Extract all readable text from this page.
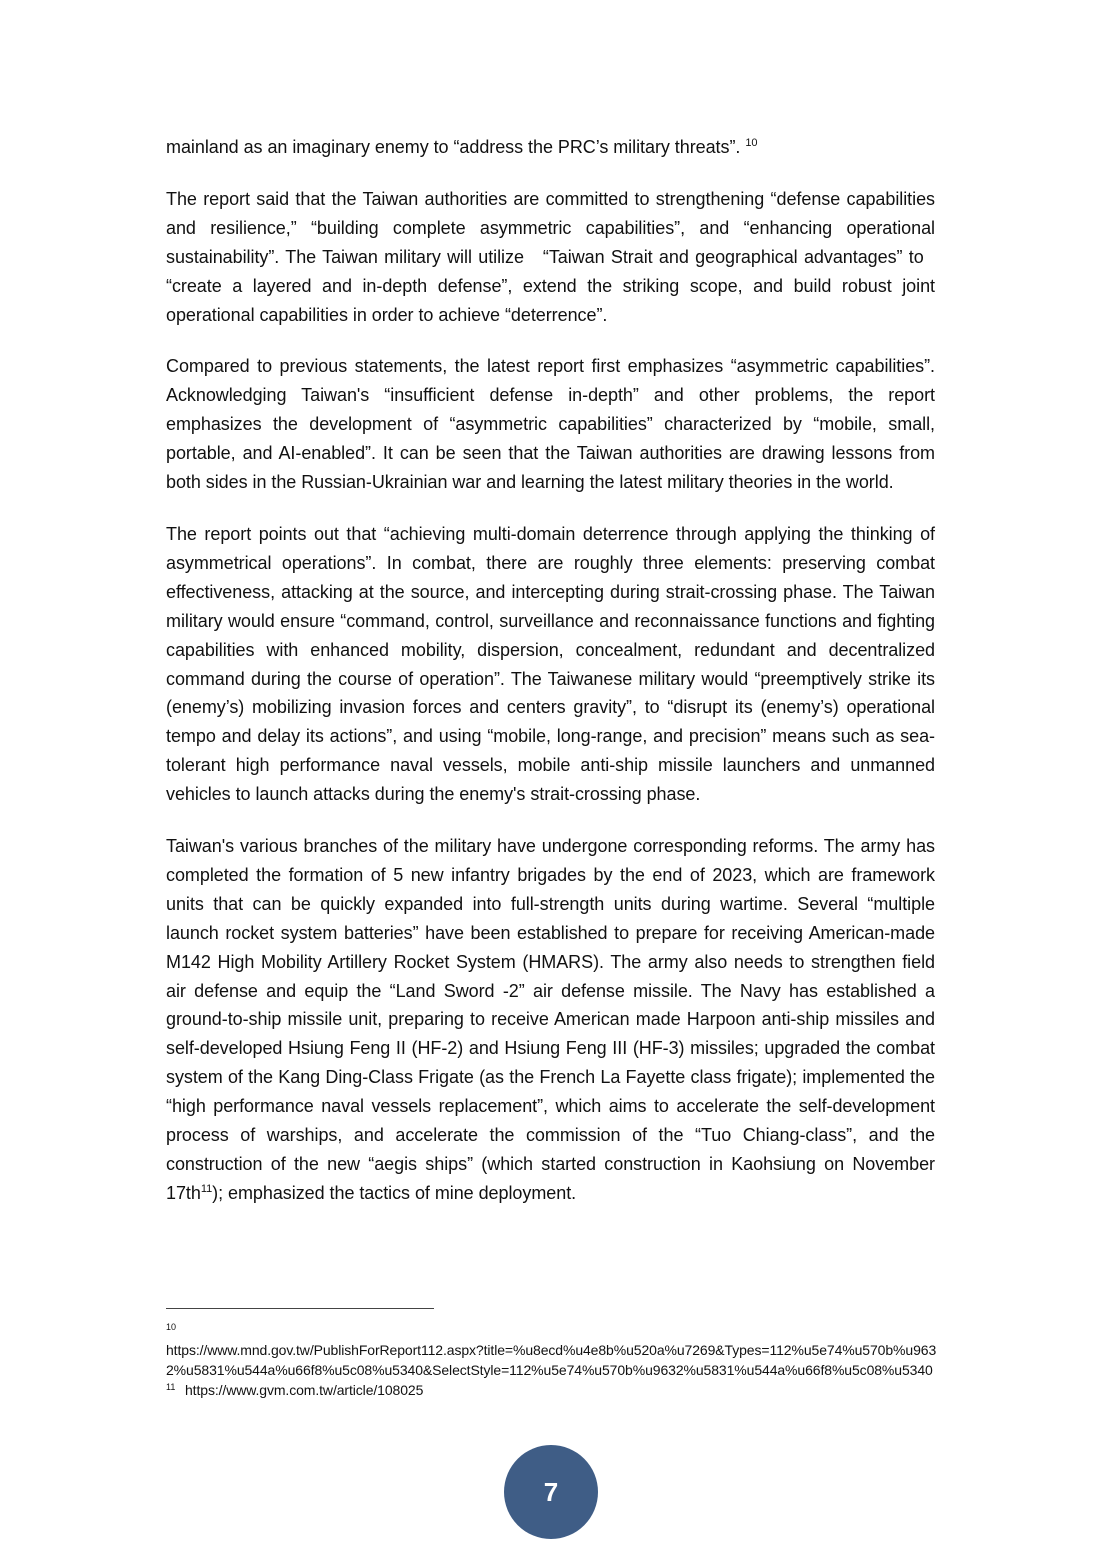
mainland as an imaginary enemy to “address the PRC’s military threats”. $^{10}$

The report said that the Taiwan authorities are committed to strengthening “defense capabilities and resilience,” “building complete asymmetric capabilities”, and “enhancing operational sustainability”. The Taiwan military will utilize   “Taiwan Strait and geographical advantages” to   “create a layered and in-depth defense”, extend the striking scope, and build robust joint operational capabilities in order to achieve “deterrence”.

Compared to previous statements, the latest report first emphasizes “asymmetric capabilities”. Acknowledging Taiwan's “insufficient defense in-depth” and other problems, the report emphasizes the development of “asymmetric capabilities” characterized by “mobile, small, portable, and AI-enabled”. It can be seen that the Taiwan authorities are drawing lessons from both sides in the Russian-Ukrainian war and learning the latest military theories in the world.

The report points out that “achieving multi-domain deterrence through applying the thinking of asymmetrical operations”. In combat, there are roughly three elements: preserving combat effectiveness, attacking at the source, and intercepting during strait-crossing phase. The Taiwan military would ensure “command, control, surveillance and reconnaissance functions and fighting capabilities with enhanced mobility, dispersion, concealment, redundant and decentralized command during the course of operation”. The Taiwanese military would “preemptively strike its (enemy’s) mobilizing invasion forces and centers gravity”, to “disrupt its (enemy’s) operational tempo and delay its actions”, and using “mobile, long-range, and precision” means such as sea-tolerant high performance naval vessels, mobile anti-ship missile launchers and unmanned vehicles to launch attacks during the enemy's strait-crossing phase.

Taiwan's various branches of the military have undergone corresponding reforms. The army has completed the formation of 5 new infantry brigades by the end of 2023, which are framework units that can be quickly expanded into full-strength units during wartime. Several “multiple launch rocket system batteries” have been established to prepare for receiving American-made M142 High Mobility Artillery Rocket System (HMARS). The army also needs to strengthen field air defense and equip the “Land Sword -2” air defense missile. The Navy has established a ground-to-ship missile unit, preparing to receive American made Harpoon anti-ship missiles and self-developed Hsiung Feng II (HF-2) and Hsiung Feng III (HF-3) missiles; upgraded the combat system of the Kang Ding-Class Frigate (as the French La Fayette class frigate); implemented the “high performance naval vessels replacement”, which aims to accelerate the self-development process of warships, and accelerate the commission of the “Tuo Chiang-class”, and the construction of the new “aegis ships” (which started construction in Kaohsiung on November $17th^{11}$); emphasized the tactics of mine deployment.

10
https://www.mnd.gov.tw/PublishForReport112.aspx?title=%u8ecd%u4e8b%u520a%u7269&Types=112%u5e74%u570b%u9632%u5831%u544a%u66f8%u5c08%u5340&SelectStyle=112%u5e74%u570b%u9632%u5831%u544a%u66f8%u5c08%u5340
11 https://www.gvm.com.tw/article/108025
7
